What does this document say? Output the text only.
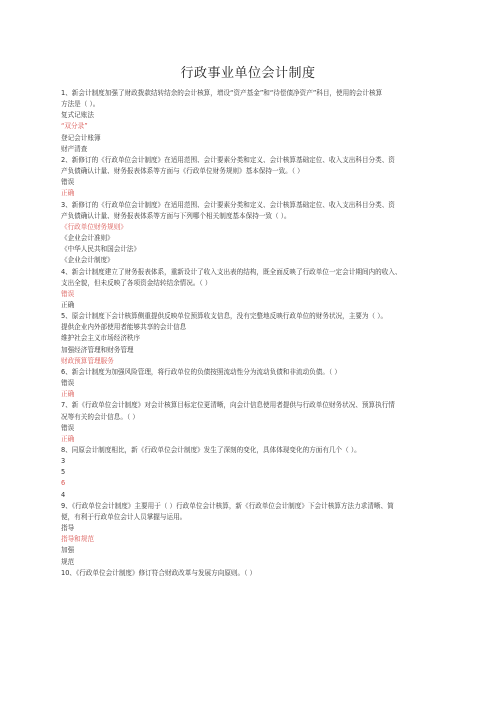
行政事业单位会计制度
1、新会计制度加强了财政拨款结转结余的会计核算，增设“资产基金”和“待偿债净资产”科目，使用的会计核算
方法是（ ）。
复式记账法
“双分录”
登记会计账簿
财产清查
2、新修订的《行政单位会计制度》在适用范围、会计要素分类和定义、会计核算基础定位、收入支出科目分类、资
产负债确认计量、财务报表体系等方面与《行政单位财务规则》基本保持一致。（ ）
错误
正确
3、新修订的《行政单位会计制度》在适用范围、会计要素分类和定义、会计核算基础定位、收入支出科目分类、资
产负债确认计量、财务报表体系等方面与下列哪个相关制度基本保持一致（ ）。
《行政单位财务规则》
《企业会计准则》
《中华人民共和国会计法》
《企业会计制度》
4、新会计制度建立了财务报表体系，重新设计了收入支出表的结构，既全面反映了行政单位一定会计期间内的收入、
支出全貌，但未反映了各项资金结转结余情况。（ ）
错误
正确
5、原会计制度下会计核算侧重提供反映单位预算收支信息，没有完整地反映行政单位的财务状况，主要为（ ）。
提供企业内外部使用者能够共享的会计信息
维护社会主义市场经济秩序
加强经济管理和财务管理
财政预算管理服务
6、新会计制度为加强风险管理，将行政单位的负债按照流动性分为流动负债和非流动负债。（ ）
错误
正确
7、新《行政单位会计制度》对会计核算目标定位更清晰，向会计信息使用者提供与行政单位财务状况、预算执行情
况等有关的会计信息。（ ）
错误
正确
8、同原会计制度相比，新《行政单位会计制度》发生了深刻的变化，具体体现变化的方面有几个（ ）。
3
5
6
4
9、《行政单位会计制度》主要用于（ ）行政单位会计核算，新《行政单位会计制度》下会计核算方法力求清晰、简
便，有利于行政单位会计人员掌握与运用。
指导
指导和规范
加强
规范
10、《行政单位会计制度》修订符合财政改革与发展方向原则。（ ）
